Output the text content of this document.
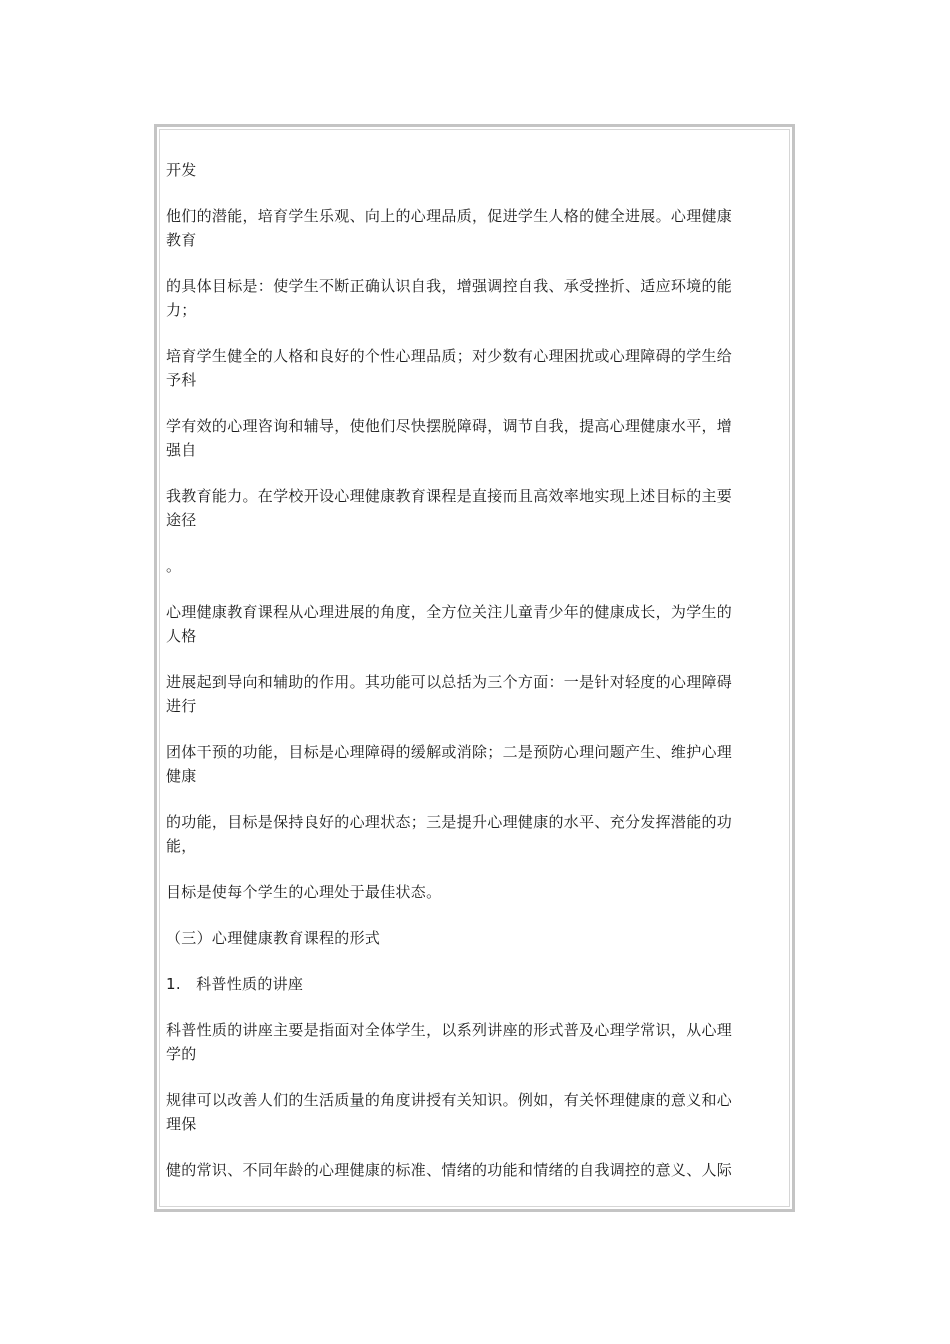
开发
他们的潜能，培育学生乐观、向上的心理品质，促进学生人格的健全进展。心理健康
教育
的具体目标是：使学生不断正确认识自我，增强调控自我、承受挫折、适应环境的能
力；
培育学生健全的人格和良好的个性心理品质；对少数有心理困扰或心理障碍的学生给
予科
学有效的心理咨询和辅导，使他们尽快摆脱障碍，调节自我，提高心理健康水平，增
强自
我教育能力。在学校开设心理健康教育课程是直接而且高效率地实现上述目标的主要
途径
。
心理健康教育课程从心理进展的角度，全方位关注儿童青少年的健康成长，为学生的
人格
进展起到导向和辅助的作用。其功能可以总括为三个方面：一是针对轻度的心理障碍
进行
团体干预的功能，目标是心理障碍的缓解或消除；二是预防心理问题产生、维护心理
健康
的功能，目标是保持良好的心理状态；三是提升心理健康的水平、充分发挥潜能的功
能，
目标是使每个学生的心理处于最佳状态。
（三）心理健康教育课程的形式
1.   科普性质的讲座
科普性质的讲座主要是指面对全体学生，以系列讲座的形式普及心理学常识，从心理
学的
规律可以改善人们的生活质量的角度讲授有关知识。例如，有关怀理健康的意义和心
理保
健的常识、不同年龄的心理健康的标准、情绪的功能和情绪的自我调控的意义、人际
